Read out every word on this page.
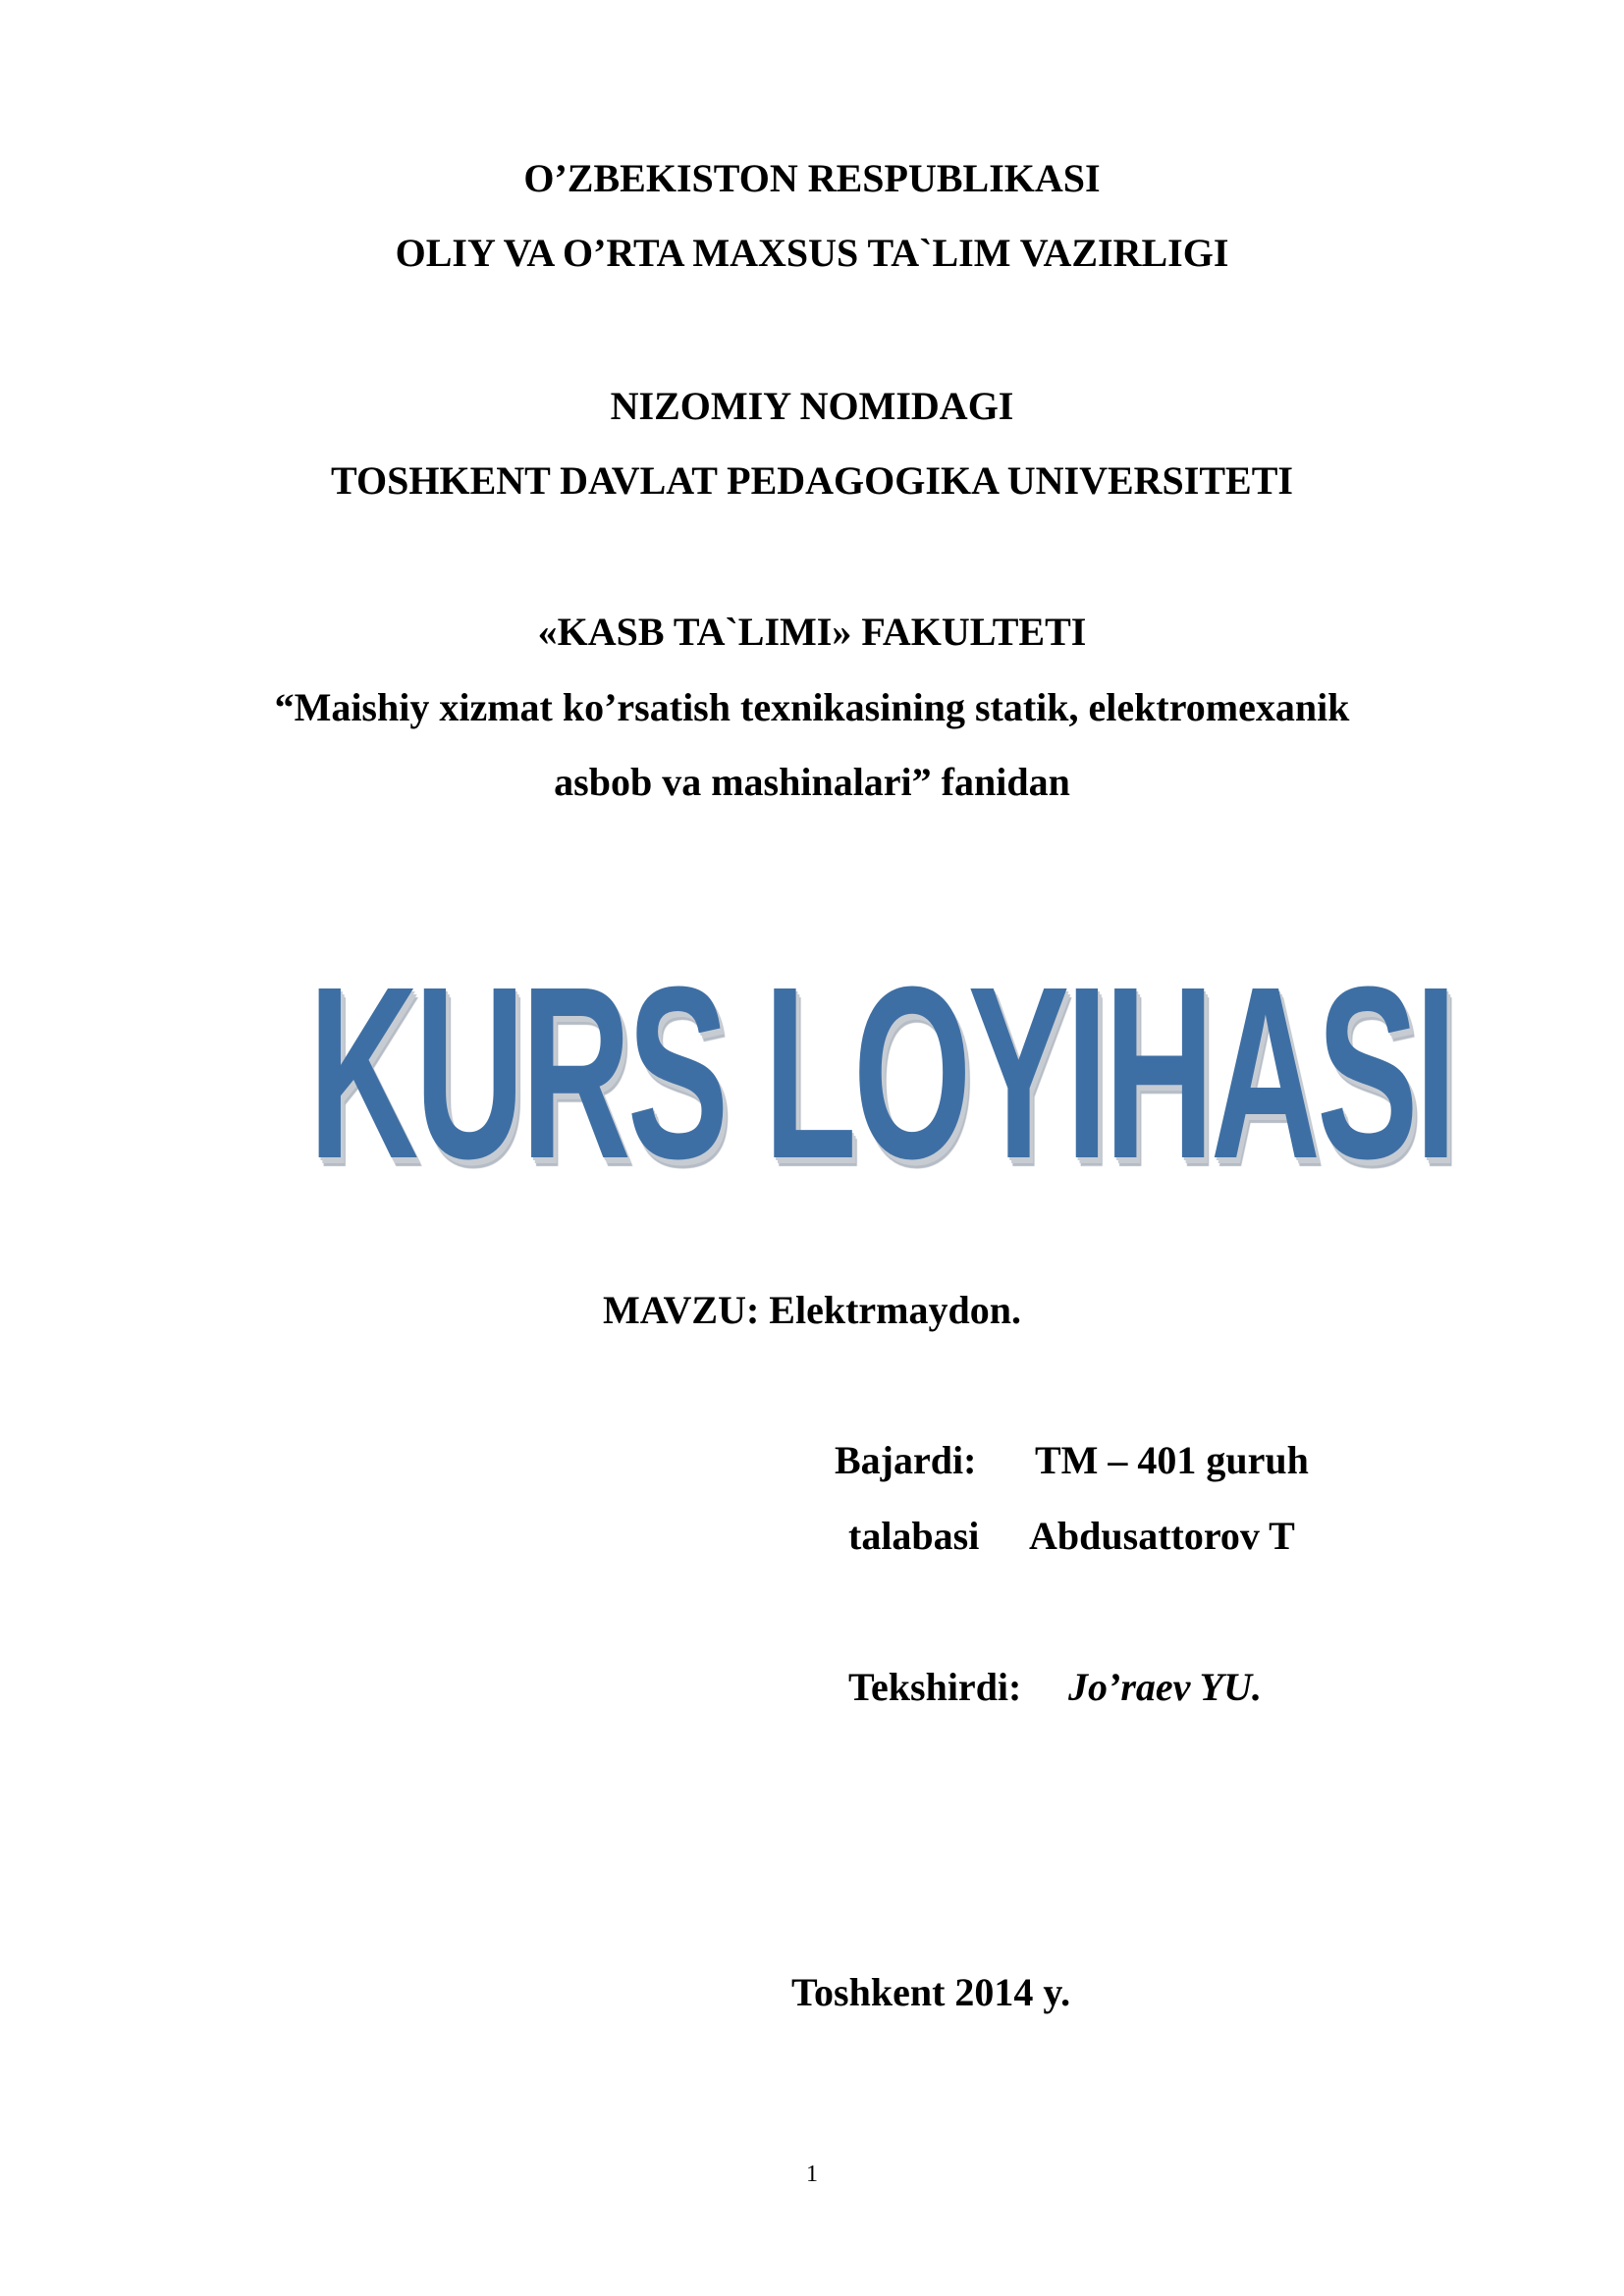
O’ZBEKISTON RESPUBLIKASI
OLIY VA O’RTA MAXSUS TA`LIM VAZIRLIGI
NIZOMIY NOMIDAGI
TOSHKENT DAVLAT PEDAGOGIKA UNIVERSITETI
«KASB TA`LIMI» FAKULTETI
“Maishiy xizmat ko’rsatish texnikasining statik, elektromexanik
asbob va mashinalari” fanidan
KURS LOYIHASI
MAVZU: Elektrmaydon.
Bajardi: TM – 401 guruh
talabasi Abdusattorov T
Tekshirdi: Jo’raev YU.
Toshkent 2014 y.
1
